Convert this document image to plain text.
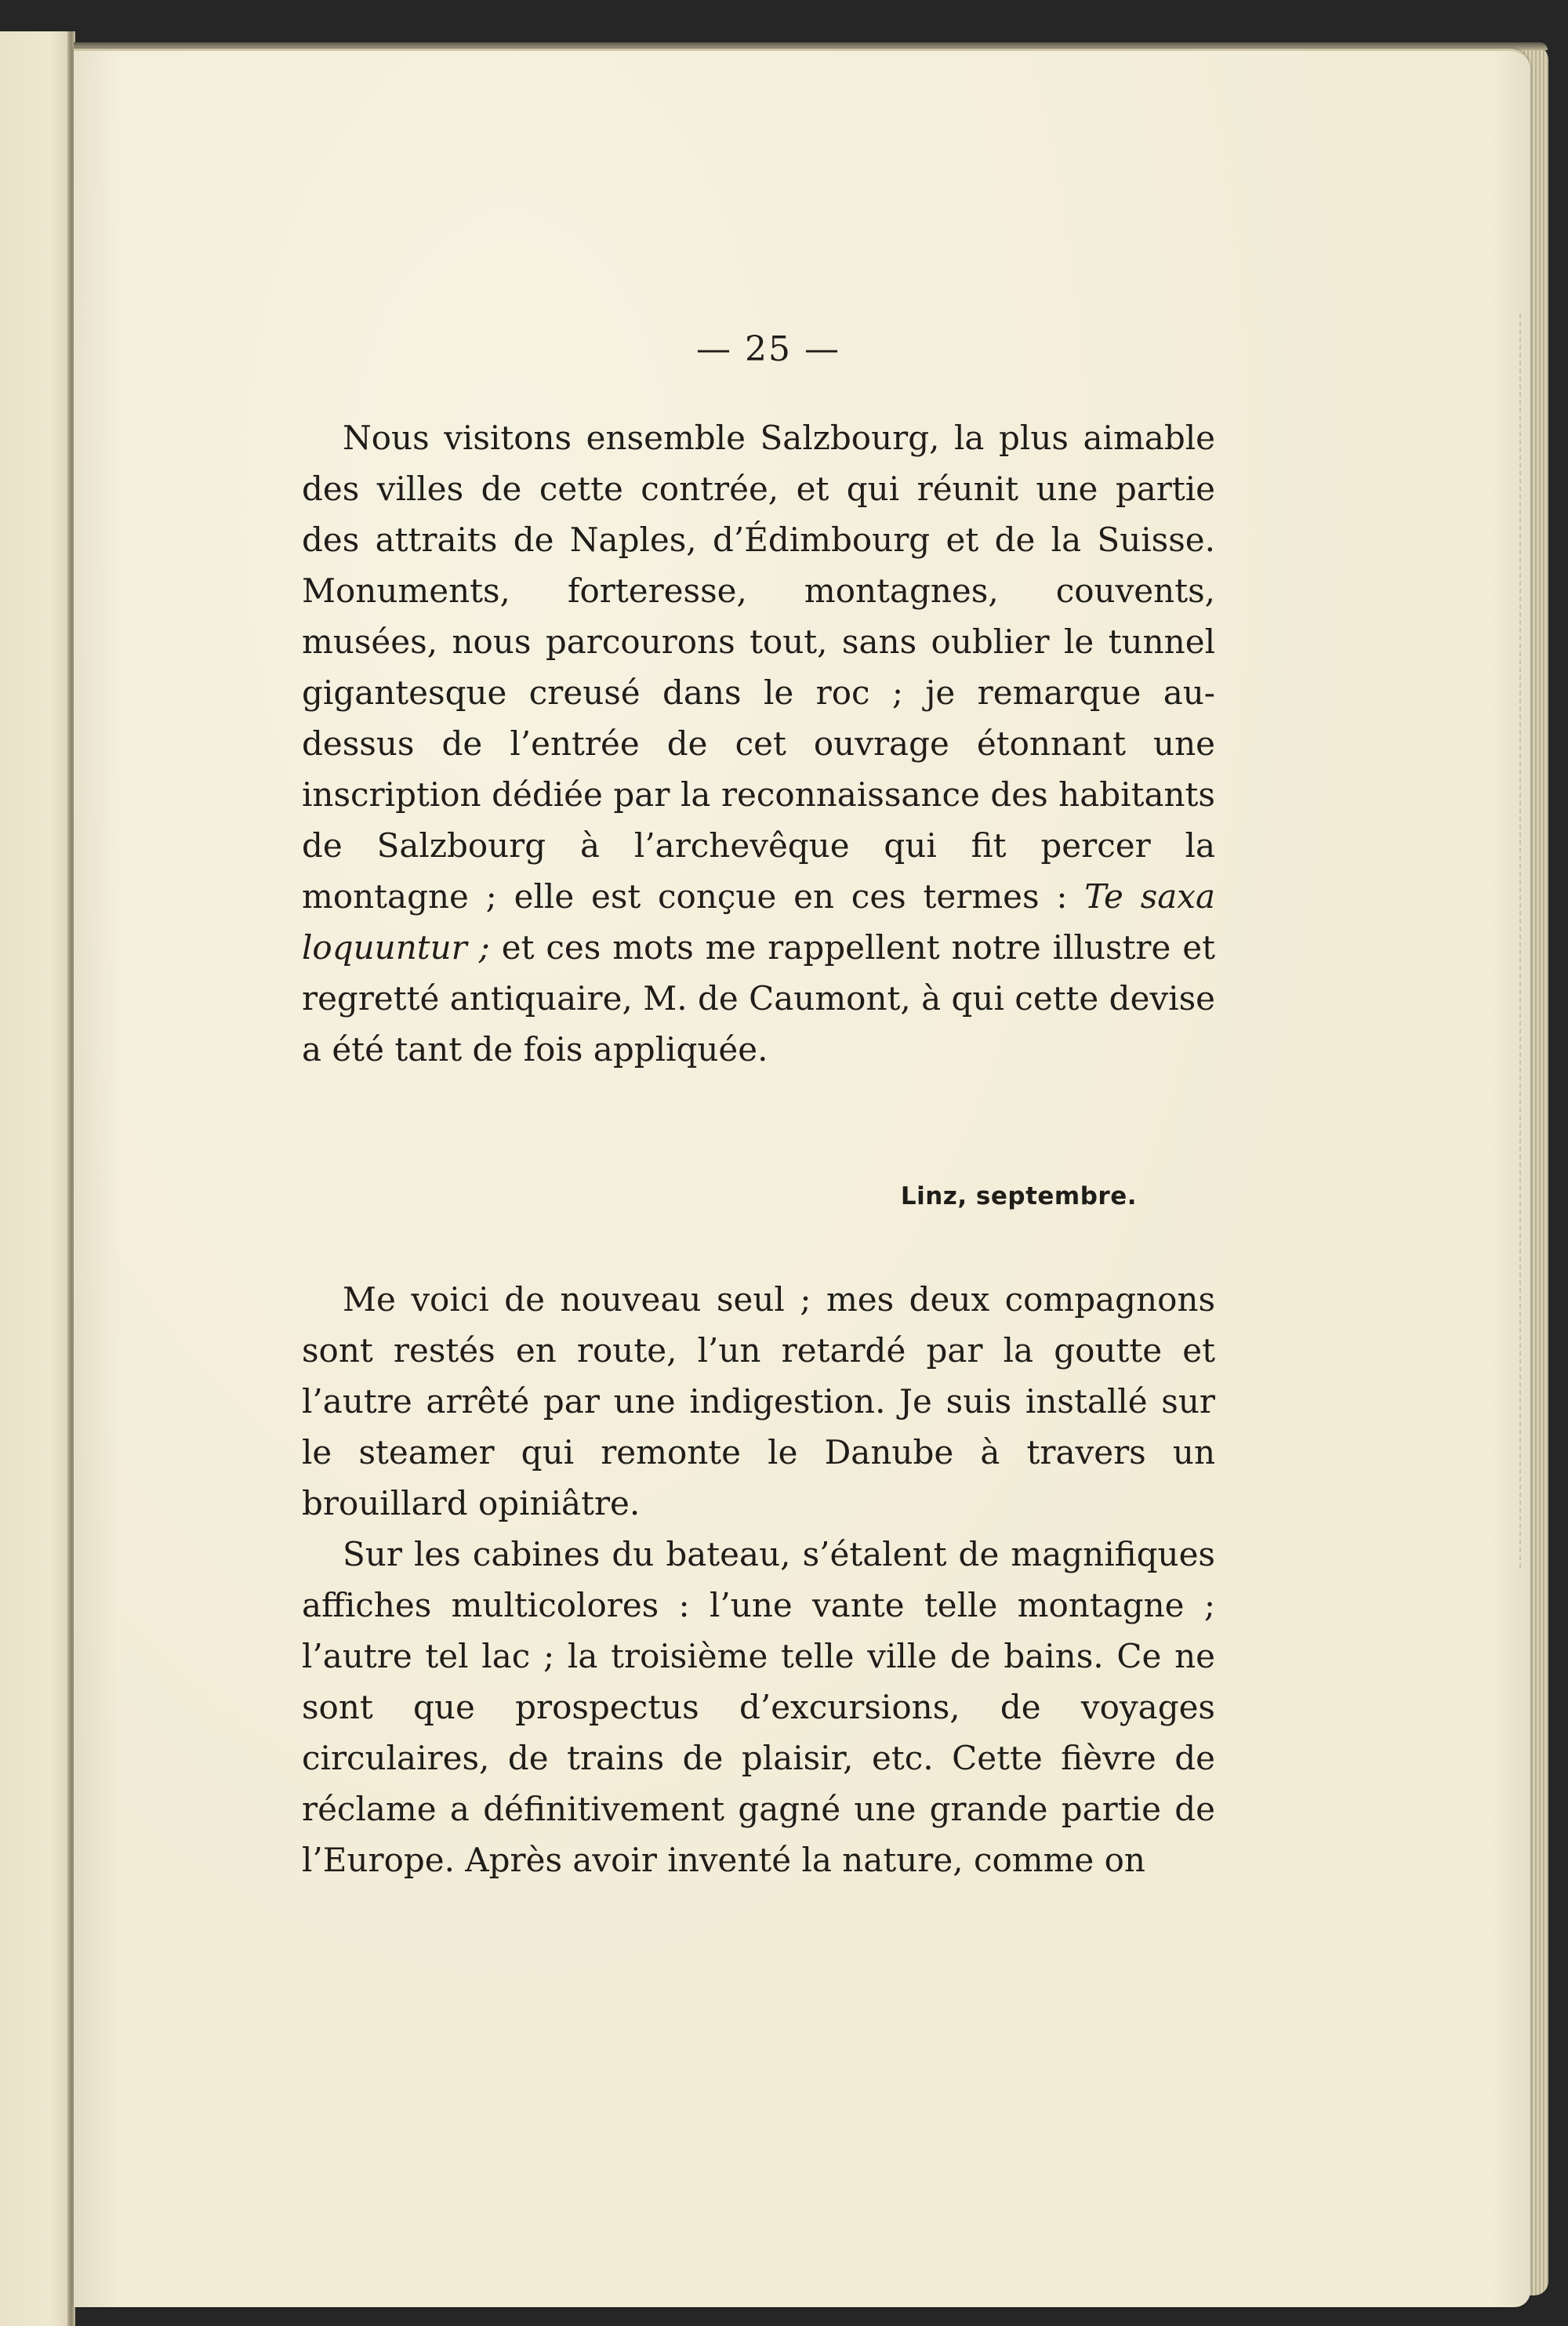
— 25 —

Nous visitons ensemble Salzbourg, la plus aimable des villes de cette contrée, et qui réunit une partie des attraits de Naples, d’Édimbourg et de la Suisse. Monuments, forteresse, montagnes, couvents, musées, nous parcourons tout, sans oublier le tunnel gigantesque creusé dans le roc ; je remarque au-dessus de l’entrée de cet ouvrage étonnant une inscription dédiée par la reconnaissance des habitants de Salzbourg à l’archevêque qui fit percer la montagne ; elle est conçue en ces termes : Te saxa loquuntur ; et ces mots me rappellent notre illustre et regretté antiquaire, M. de Caumont, à qui cette devise a été tant de fois appliquée.

Linz, septembre.

Me voici de nouveau seul ; mes deux compagnons sont restés en route, l’un retardé par la goutte et l’autre arrêté par une indigestion. Je suis installé sur le steamer qui remonte le Danube à travers un brouillard opiniâtre.

Sur les cabines du bateau, s’étalent de magnifiques affiches multicolores : l’une vante telle montagne ; l’autre tel lac ; la troisième telle ville de bains. Ce ne sont que prospectus d’excursions, de voyages circulaires, de trains de plaisir, etc. Cette fièvre de réclame a définitivement gagné une grande partie de l’Europe. Après avoir inventé la nature, comme on
